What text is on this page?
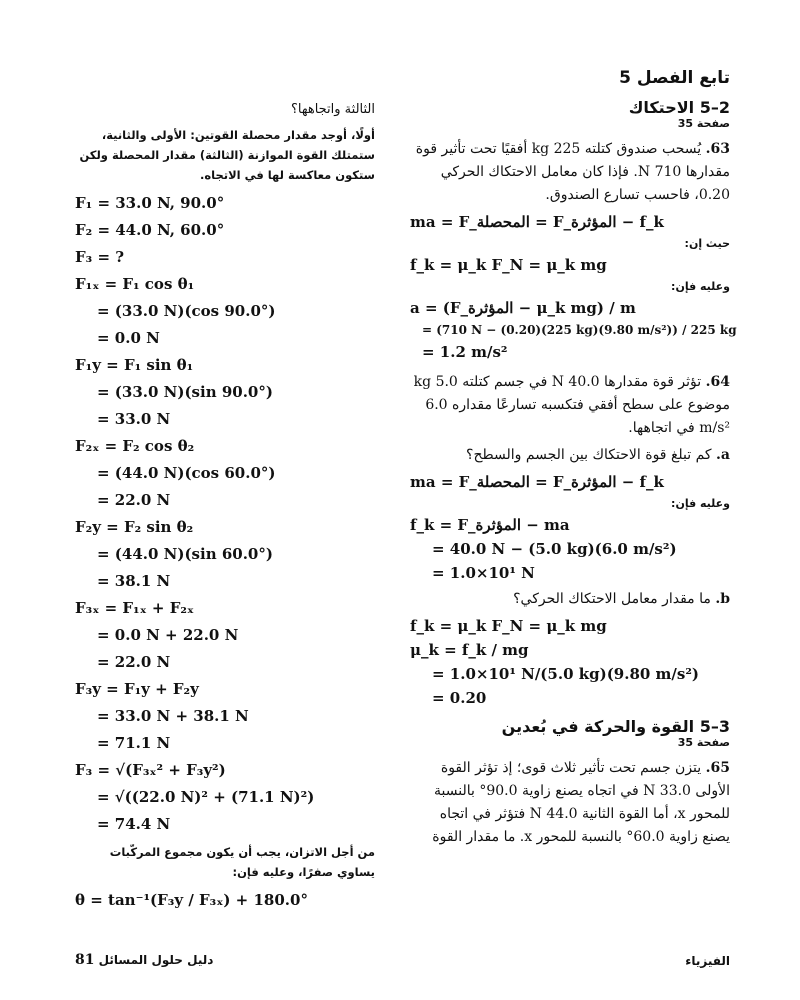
تابع الفصل 5
2–5 الاحتكاك
صفحة 35
63. يُسحب صندوق كتلته 225 kg أفقيًا تحت تأثير قوة مقدارها 710 N. فإذا كان معامل الاحتكاك الحركي 0.20، فاحسب تسارع الصندوق.
ma = F_المحصلة = F_المؤثرة − f_k
حيث إن:
f_k = μ_k F_N = μ_k mg
وعليه فإن:
a = (F_المؤثرة − μ_k mg) / m
= (710 N − (0.20)(225 kg)(9.80 m/s²)) / 225 kg
= 1.2 m/s²
64. تؤثر قوة مقدارها 40.0 N في جسم كتلته 5.0 kg موضوع على سطح أفقي فتكسبه تسارعًا مقداره 6.0 m/s² في اتجاهها.
a. كم تبلغ قوة الاحتكاك بين الجسم والسطح؟
ma = F_المحصلة = F_المؤثرة − f_k
وعليه فإن:
f_k = F_المؤثرة − ma
= 40.0 N − (5.0 kg)(6.0 m/s²)
= 1.0×10¹ N
b. ما مقدار معامل الاحتكاك الحركي؟
f_k = μ_k F_N = μ_k mg
μ_k = f_k / mg
= 1.0×10¹ N/(5.0 kg)(9.80 m/s²)
= 0.20
3–5 القوة والحركة في بُعدين
صفحة 35
65. يتزن جسم تحت تأثير ثلاث قوى؛ إذ تؤثر القوة الأولى 33.0 N في اتجاه يصنع زاوية 90.0° بالنسبة للمحور x، أما القوة الثانية 44.0 N فتؤثر في اتجاه يصنع زاوية 60.0° بالنسبة للمحور x. ما مقدار القوة
الثالثة واتجاهها؟
أولًا، أوجد مقدار محصلة القوتين: الأولى والثانية، ستمتلك القوة الموازنة (الثالثة) مقدار المحصلة ولكن ستكون معاكسة لها في الاتجاه.
F₁ = 33.0 N, 90.0°
F₂ = 44.0 N, 60.0°
F₃ = ?
F₁ₓ = F₁ cos θ₁
= (33.0 N)(cos 90.0°)
= 0.0 N
F₁y = F₁ sin θ₁
= (33.0 N)(sin 90.0°)
= 33.0 N
F₂ₓ = F₂ cos θ₂
= (44.0 N)(cos 60.0°)
= 22.0 N
F₂y = F₂ sin θ₂
= (44.0 N)(sin 60.0°)
= 38.1 N
F₃ₓ = F₁ₓ + F₂ₓ
= 0.0 N + 22.0 N
= 22.0 N
F₃y = F₁y + F₂y
= 33.0 N + 38.1 N
= 71.1 N
F₃ = √(F₃ₓ² + F₃y²)
= √((22.0 N)² + (71.1 N)²)
= 74.4 N
من أجل الاتزان، يجب أن يكون مجموع المركّبات يساوي صفرًا، وعليه فإن:
θ = tan⁻¹(F₃y / F₃ₓ) + 180.0°
81 دليل حلول المسائل	الفيزياء
